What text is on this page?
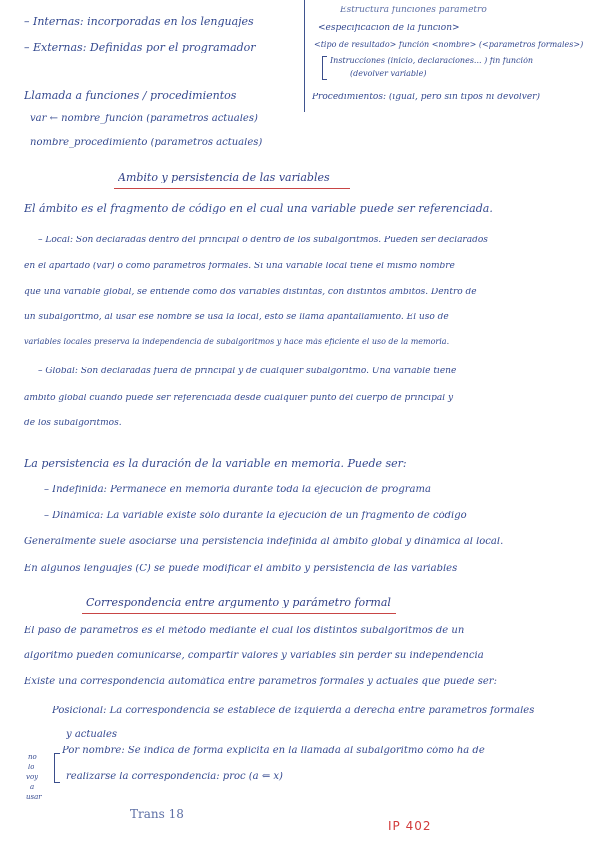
– Internas: incorporadas en los lenguajes
– Externas: Definidas por el programador
Estructura funciones parametro
<especificación de la función>
<tipo de resultado> función <nombre> (<parametros formales>)
Instrucciones (inicio, declaraciones... ) fin función
(devolver variable)
Procedimientos: (igual, pero sin tipos ni devolver)
Llamada a funciones / procedimientos
var ← nombre_función (parametros actuales)
nombre_procedimiento (parametros actuales)
Ámbito y persistencia de las variables
El ámbito es el fragmento de código en el cual una variable puede ser referenciada.
– Local: Son declaradas dentro del principal o dentro de los subalgoritmos. Pueden ser declarados
en el apartado (var) o como parametros formales. Si una variable local tiene el mismo nombre
que una variable global, se entiende como dos variables distintas, con distintos ámbitos. Dentro de
un subalgoritmo, al usar ese nombre se usa la local, esto se llama apantallamiento. El uso de
variables locales preserva la independencia de subalgoritmos y hace más eficiente el uso de la memoria.
– Global: Son declaradas fuera de principal y de cualquier subalgoritmo. Una variable tiene
ámbito global cuando puede ser referenciada desde cualquier punto del cuerpo de principal y
de los subalgoritmos.
La persistencia es la duración de la variable en memoria. Puede ser:
– Indefinida: Permanece en memoria durante toda la ejecución de programa
– Dinámica: La variable existe sólo durante la ejecución de un fragmento de código
Generalmente suele asociarse una persistencia indefinida al ámbito global y dinámica al local.
En algunos lenguajes (C) se puede modificar el ámbito y persistencia de las variables
Correspondencia entre argumento y parámetro formal
El paso de parametros es el método mediante el cual los distintos subalgoritmos de un
algoritmo pueden comunicarse, compartir valores y variables sin perder su independencia
Existe una correspondencia automática entre parametros formales y actuales que puede ser:
Posicional: La correspondencia se establece de izquierda a derecha entre parametros formales
y actuales
no
lo
voy
a
usar
Por nombre: Se indica de forma explícita en la llamada al subalgoritmo cómo ha de
realizarse la correspondencia: proc (a ⇐ x)
Trans 18
IP 402
